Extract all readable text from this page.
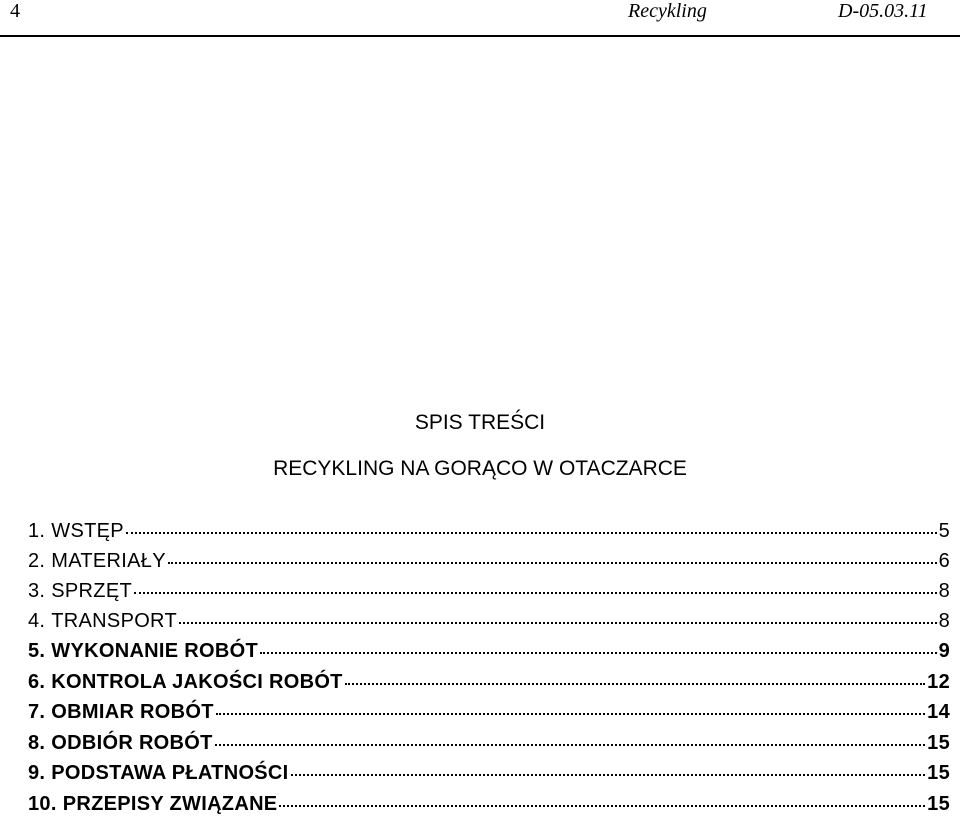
4	Recykling	D-05.03.11
SPIS TREŚCI
RECYKLING NA GORĄCO W OTACZARCE
1. WSTĘP	5
2. MATERIAŁY	6
3. SPRZĘT	8
4. TRANSPORT	8
5. WYKONANIE ROBÓT	9
6. KONTROLA JAKOŚCI ROBÓT	12
7. OBMIAR ROBÓT	14
8. ODBIÓR ROBÓT	15
9. PODSTAWA PŁATNOŚCI	15
10. PRZEPISY ZWIĄZANE	15
